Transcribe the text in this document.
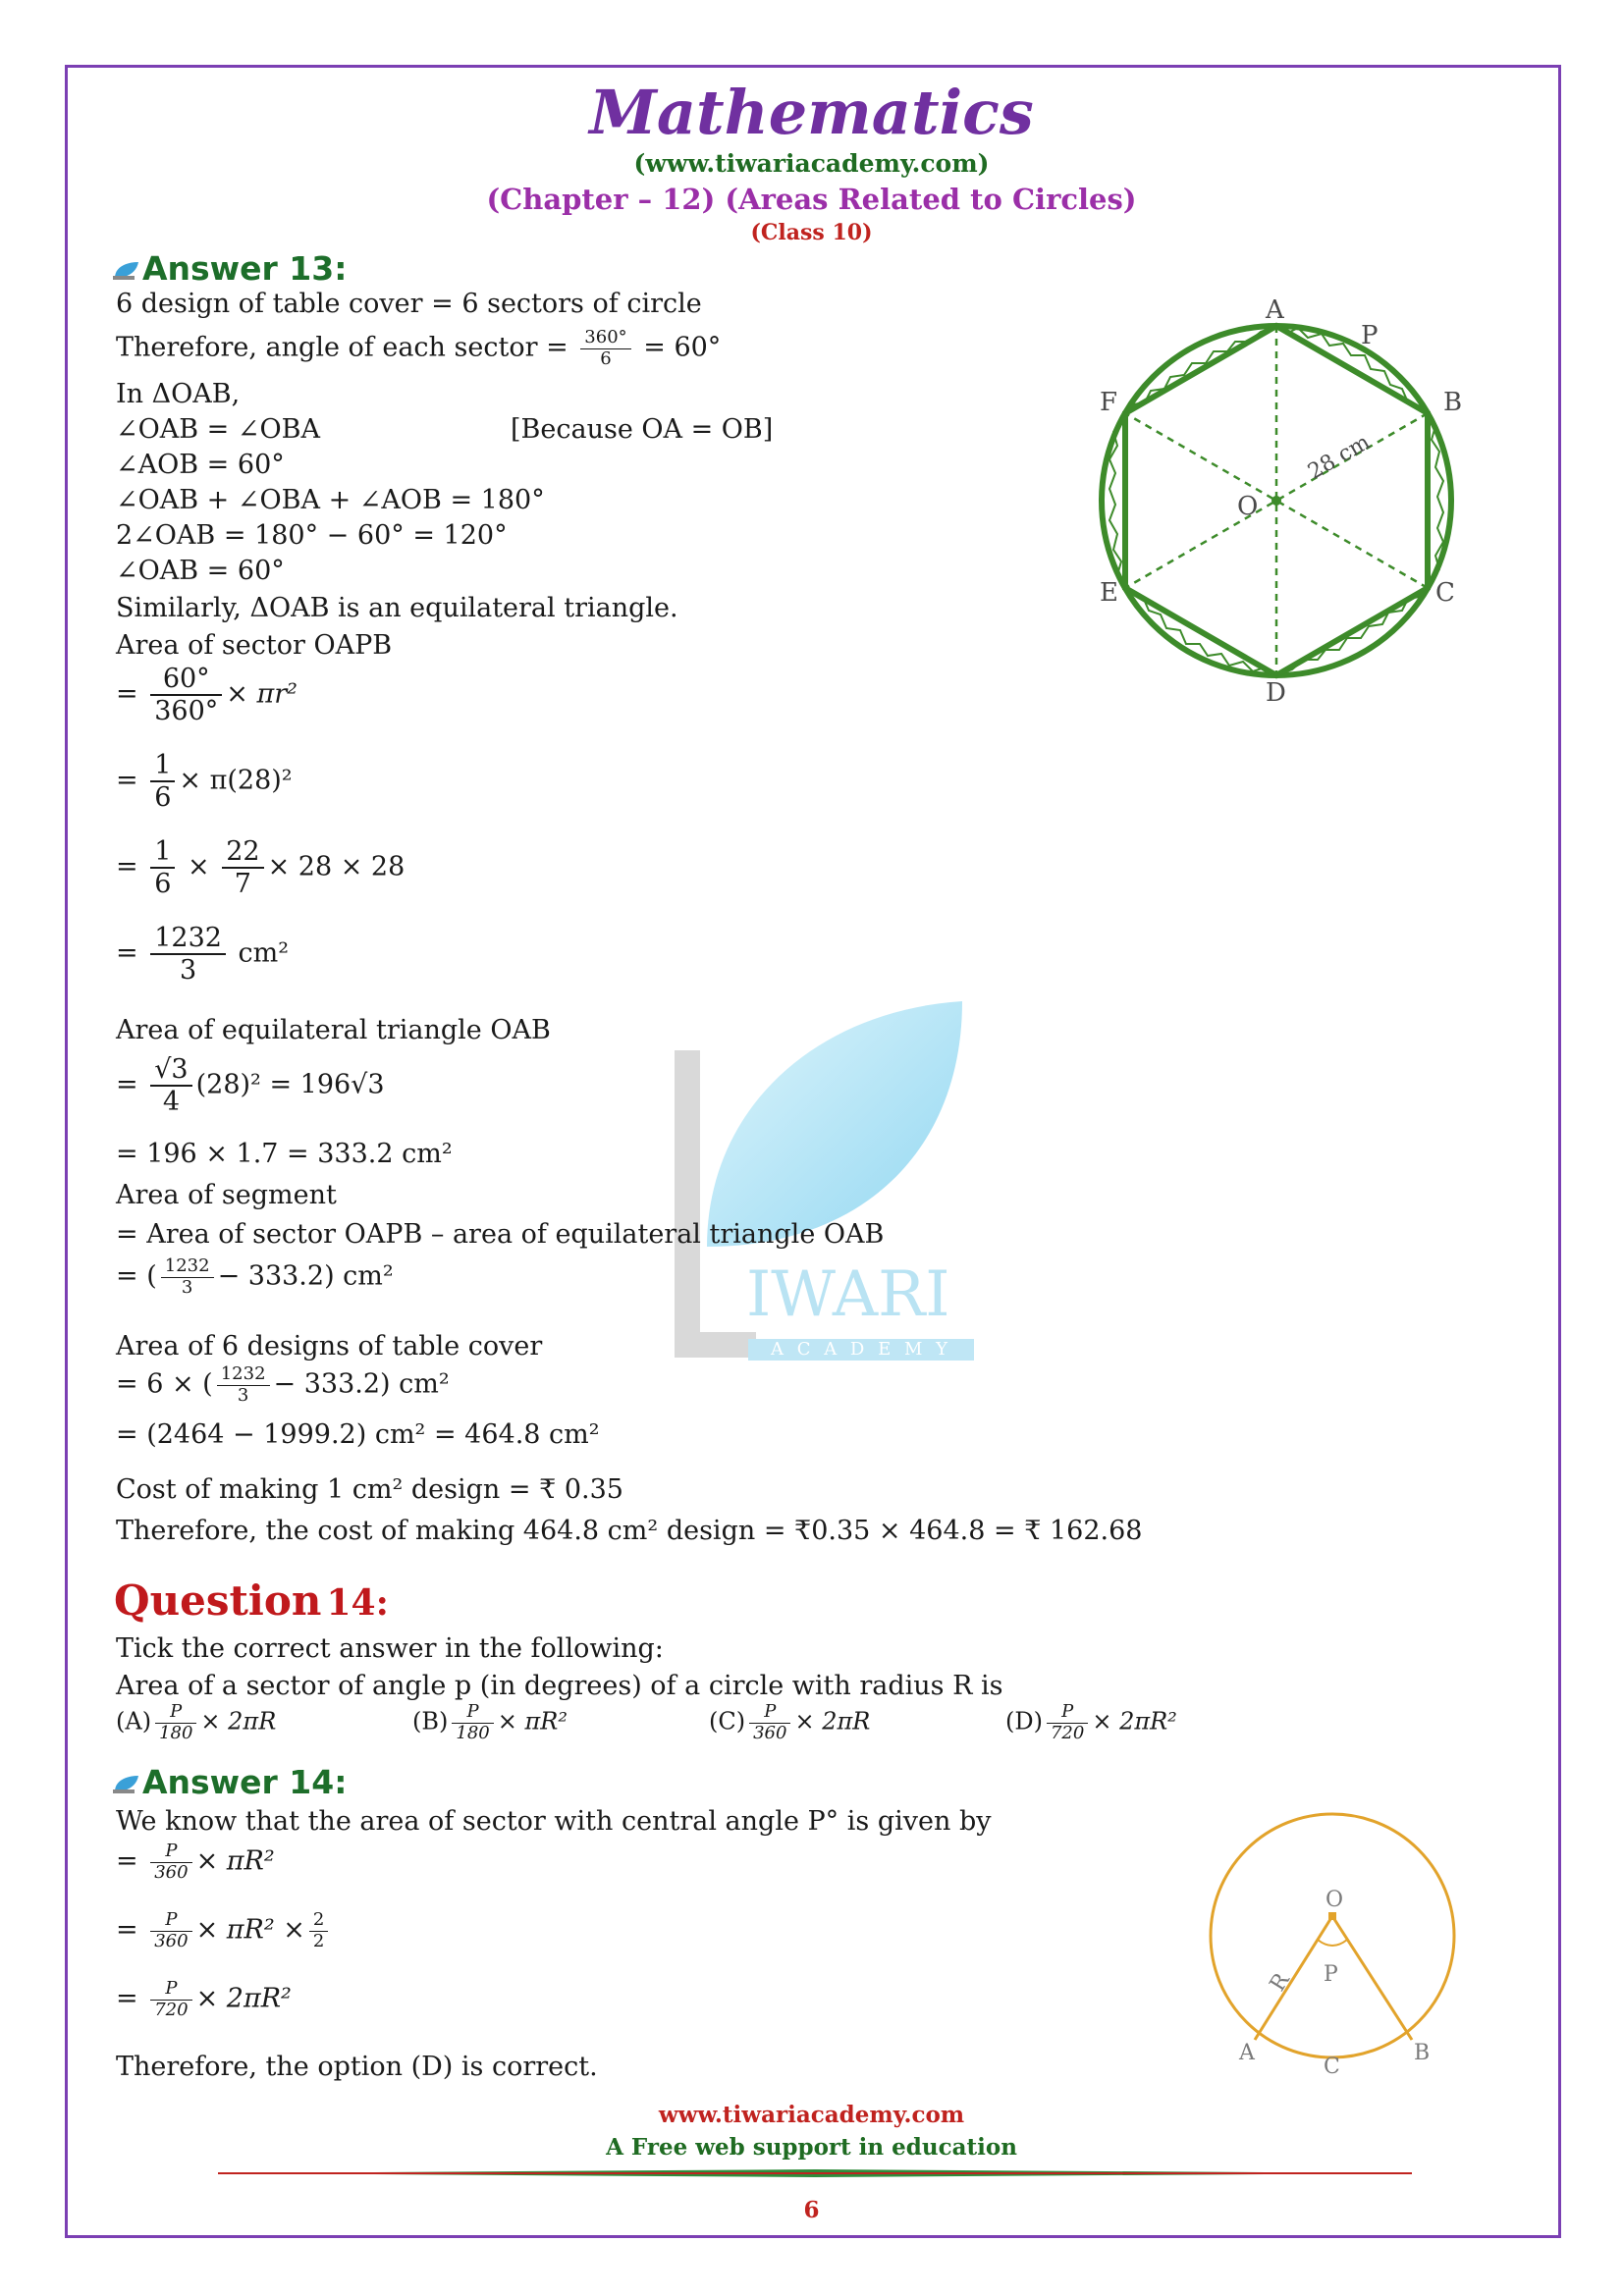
Mathematics
(www.tiwariacademy.com)
(Chapter – 12) (Areas Related to Circles)
(Class 10)
IWARI
A C A D E M Y
Answer 13:
6 design of table cover = 6 sectors of circle
Therefore, angle of each sector = $\frac{360^\circ}{6} = 60^\circ$
In ΔOAB,
∠OAB = ∠OBA	[Because OA = OB]
∠AOB = 60°
∠OAB + ∠OBA + ∠AOB = 180°
2∠OAB = 180° − 60° = 120°
∠OAB = 60°
Similarly, ΔOAB is an equilateral triangle.
Area of sector OAPB
= $\frac{60^\circ}{360^\circ} \times \pi r^2$
= $\frac{1}{6} \times \pi(28)^2$
= $\frac{1}{6} \times \frac{22}{7} \times 28 \times 28$
= $\frac{1232}{3} cm^2$
Area of equilateral triangle OAB
= $\frac{√3}{4} (28)^2 = 196√3$
= 196 × 1.7 = 333.2 cm²
Area of segment
= Area of sector OAPB – area of equilateral triangle OAB
= ( $\frac{1232}{3} - 333.2$) cm²
Area of 6 designs of table cover
= 6 × ( $\frac{1232}{3} - 333.2$) cm²
= (2464 − 1999.2) cm² = 464.8 cm²
Cost of making 1 cm² design = ₹ 0.35
Therefore, the cost of making 464.8 cm² design = ₹0.35 × 464.8 = ₹ 162.68
A
P
B
C
D
E
F
O
28 cm
Question 14:
Tick the correct answer in the following:
Area of a sector of angle p (in degrees) of a circle with radius R is
$(A) \frac{P}{180} \times 2\pi R$	$(B) \frac{P}{180} \times \pi R^2$	$(C) \frac{P}{360} \times 2\pi R$	$(D) \frac{P}{720} \times 2\pi R^2$
Answer 14:
We know that the area of sector with central angle P° is given by
= $\frac{P}{360} \times \pi R^2$
= $\frac{P}{360} \times \pi R^2 \times \frac{2}{2}$
= $\frac{P}{720} \times 2\pi R^2$
Therefore, the option (D) is correct.
O
R P
A
C
B
www.tiwariacademy.com
A Free web support in education
6
